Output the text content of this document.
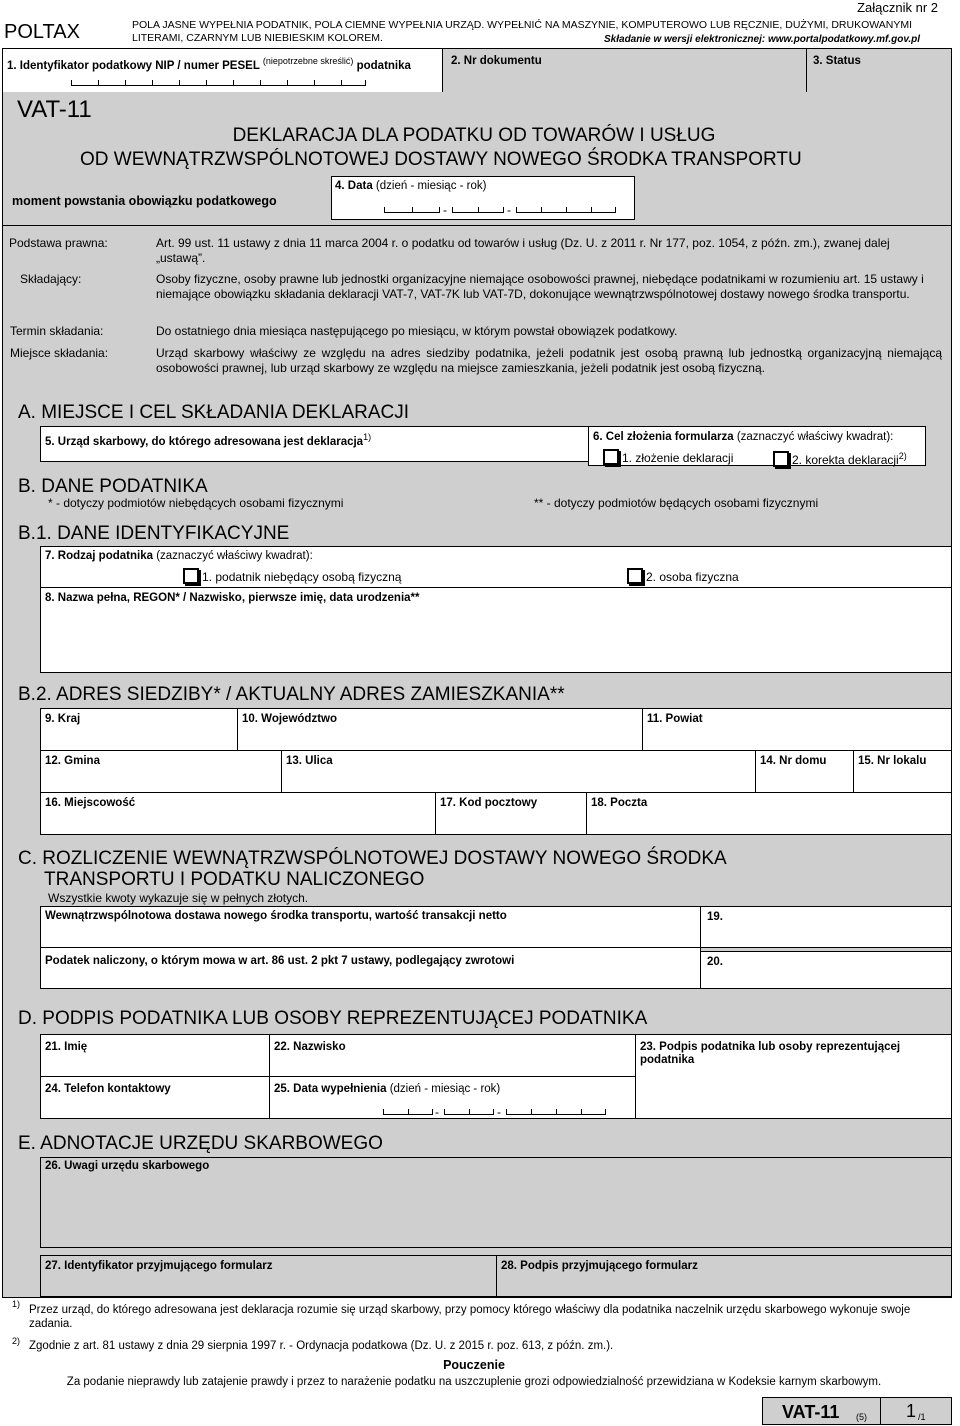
POLTAX	POLA JASNE WYPEŁNIA PODATNIK, POLA CIEMNE WYPEŁNIA URZĄD. WYPEŁNIĆ NA MASZYNIE, KOMPUTEROWO LUB RĘCZNIE, DUŻYMI, DRUKOWANYMI LITERAMI, CZARNYM LUB NIEBIESKIM KOLOREM.
Załącznik nr 2
Składanie w wersji elektronicznej: www.portalpodatkowy.mf.gov.pl
1. Identyfikator podatkowy NIP / numer PESEL $^{(niepotrzebne skreślić)}$ podatnika	2. Nr dokumentu	3. Status
VAT-11
DEKLARACJA DLA PODATKU OD TOWARÓW I USŁUG
OD WEWNĄTRZWSPÓLNOTOWEJ DOSTAWY NOWEGO ŚRODKA TRANSPORTU
moment powstania obowiązku podatkowego
4. Data (dzień - miesiąc - rok)
-	-
Podstawa prawna:	Art. 99 ust. 11 ustawy z dnia 11 marca 2004 r. o podatku od towarów i usług (Dz. U. z 2011 r. Nr 177, poz. 1054, z późn. zm.), zwanej dalej „ustawą”.
Składający:	Osoby fizyczne, osoby prawne lub jednostki organizacyjne niemające osobowości prawnej, niebędące podatnikami w rozumieniu art. 15 ustawy i niemające obowiązku składania deklaracji VAT-7, VAT-7K lub VAT-7D, dokonujące wewnątrzwspólnotowej dostawy nowego środka transportu.
Termin składania:	Do ostatniego dnia miesiąca następującego po miesiącu, w którym powstał obowiązek podatkowy.
Miejsce składania:	Urząd skarbowy właściwy ze względu na adres siedziby podatnika, jeżeli podatnik jest osobą prawną lub jednostką organizacyjną niemającą osobowości prawnej, lub urząd skarbowy ze względu na miejsce zamieszkania, jeżeli podatnik jest osobą fizyczną.
A. MIEJSCE I CEL SKŁADANIA DEKLARACJI
5. Urząd skarbowy, do którego adresowana jest deklaracja$^{1)}$	6. Cel złożenia formularza (zaznaczyć właściwy kwadrat):
1. złożenie deklaracji	2. korekta deklaracji$^{2)}$
B. DANE PODATNIKA
* - dotyczy podmiotów niebędących osobami fizycznymi	** - dotyczy podmiotów będących osobami fizycznymi
B.1. DANE IDENTYFIKACYJNE
7. Rodzaj podatnika (zaznaczyć właściwy kwadrat):
1. podatnik niebędący osobą fizyczną	2. osoba fizyczna
8. Nazwa pełna, REGON* / Nazwisko, pierwsze imię, data urodzenia**
B.2. ADRES SIEDZIBY* / AKTUALNY ADRES ZAMIESZKANIA**
9. Kraj	10. Województwo	11. Powiat
12. Gmina	13. Ulica	14. Nr domu	15. Nr lokalu
16. Miejscowość	17. Kod pocztowy	18. Poczta
C. ROZLICZENIE WEWNĄTRZWSPÓLNOTOWEJ DOSTAWY NOWEGO ŚRODKA
TRANSPORTU I PODATKU NALICZONEGO
Wszystkie kwoty wykazuje się w pełnych złotych.
Wewnątrzwspólnotowa dostawa nowego środka transportu, wartość transakcji netto	19.
Podatek naliczony, o którym mowa w art. 86 ust. 2 pkt 7 ustawy, podlegający zwrotowi	20.
D. PODPIS PODATNIKA LUB OSOBY REPREZENTUJĄCEJ PODATNIKA
21. Imię	22. Nazwisko	23. Podpis podatnika lub osoby reprezentującej podatnika
24. Telefon kontaktowy	25. Data wypełnienia (dzień - miesiąc - rok)
-	-
E. ADNOTACJE URZĘDU SKARBOWEGO
26. Uwagi urzędu skarbowego
27. Identyfikator przyjmującego formularz	28. Podpis przyjmującego formularz
1) Przez urząd, do którego adresowana jest deklaracja rozumie się urząd skarbowy, przy pomocy którego właściwy dla podatnika naczelnik urzędu skarbowego wykonuje swoje zadania.
2) Zgodnie z art. 81 ustawy z dnia 29 sierpnia 1997 r. - Ordynacja podatkowa (Dz. U. z 2015 r. poz. 613, z późn. zm.).
Pouczenie
Za podanie nieprawdy lub zatajenie prawdy i przez to narażenie podatku na uszczuplenie grozi odpowiedzialność przewidziana w Kodeksie karnym skarbowym.
VAT-11 (5) 1 /1
